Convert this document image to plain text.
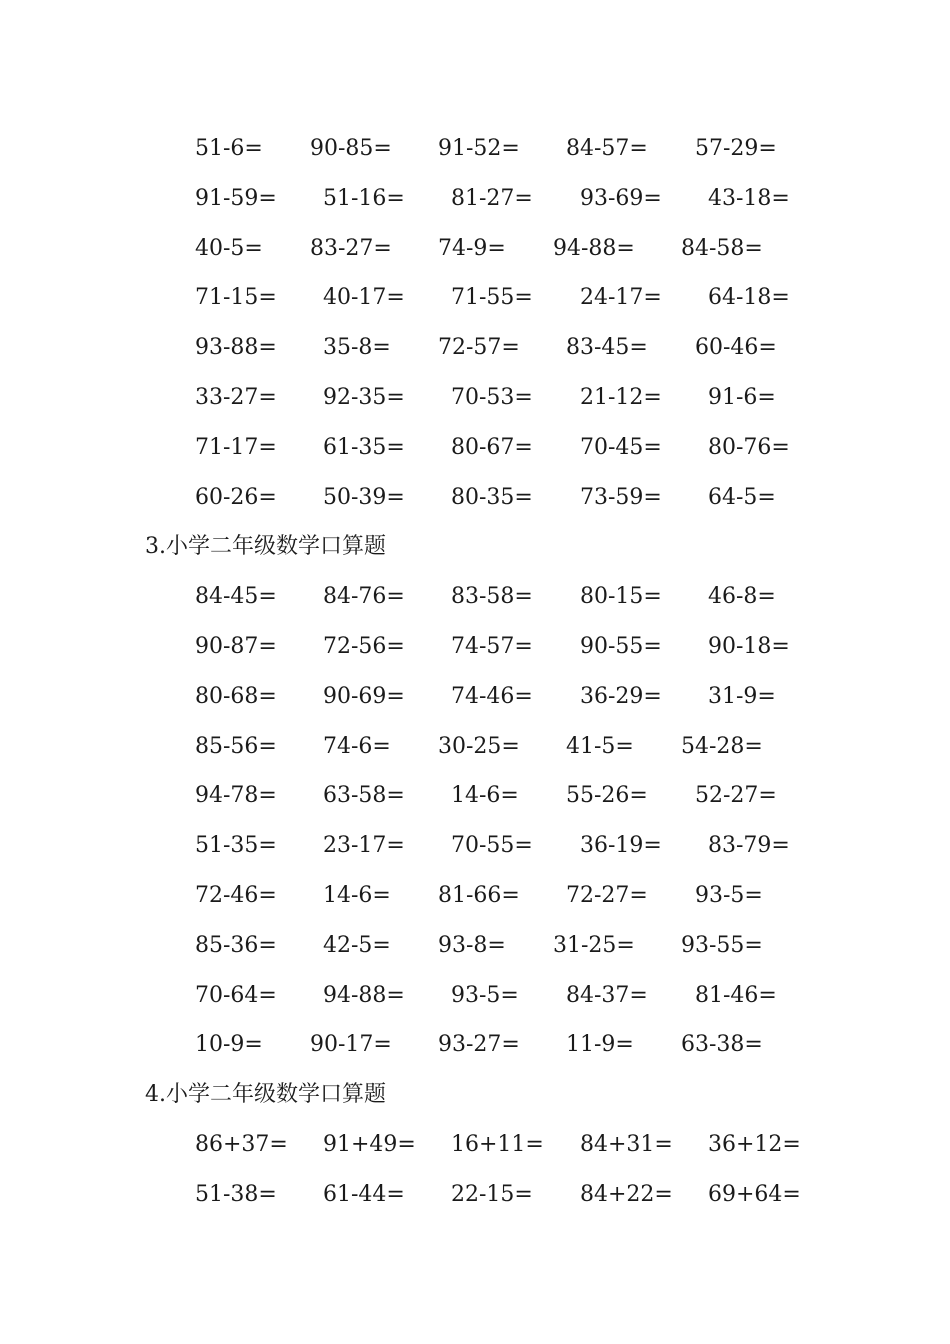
51-6= 90-85= 91-52= 84-57= 57-29=
91-59= 51-16= 81-27= 93-69= 43-18=
40-5= 83-27= 74-9= 94-88= 84-58=
71-15= 40-17= 71-55= 24-17= 64-18=
93-88= 35-8= 72-57= 83-45= 60-46=
33-27= 92-35= 70-53= 21-12= 91-6=
71-17= 61-35= 80-67= 70-45= 80-76=
60-26= 50-39= 80-35= 73-59= 64-5=
3.小学二年级数学口算题
84-45= 84-76= 83-58= 80-15= 46-8=
90-87= 72-56= 74-57= 90-55= 90-18=
80-68= 90-69= 74-46= 36-29= 31-9=
85-56= 74-6= 30-25= 41-5= 54-28=
94-78= 63-58= 14-6= 55-26= 52-27=
51-35= 23-17= 70-55= 36-19= 83-79=
72-46= 14-6= 81-66= 72-27= 93-5=
85-36= 42-5= 93-8= 31-25= 93-55=
70-64= 94-88= 93-5= 84-37= 81-46=
10-9= 90-17= 93-27= 11-9= 63-38=
4.小学二年级数学口算题
86+37= 91+49= 16+11= 84+31= 36+12=
51-38= 61-44= 22-15= 84+22= 69+64=
